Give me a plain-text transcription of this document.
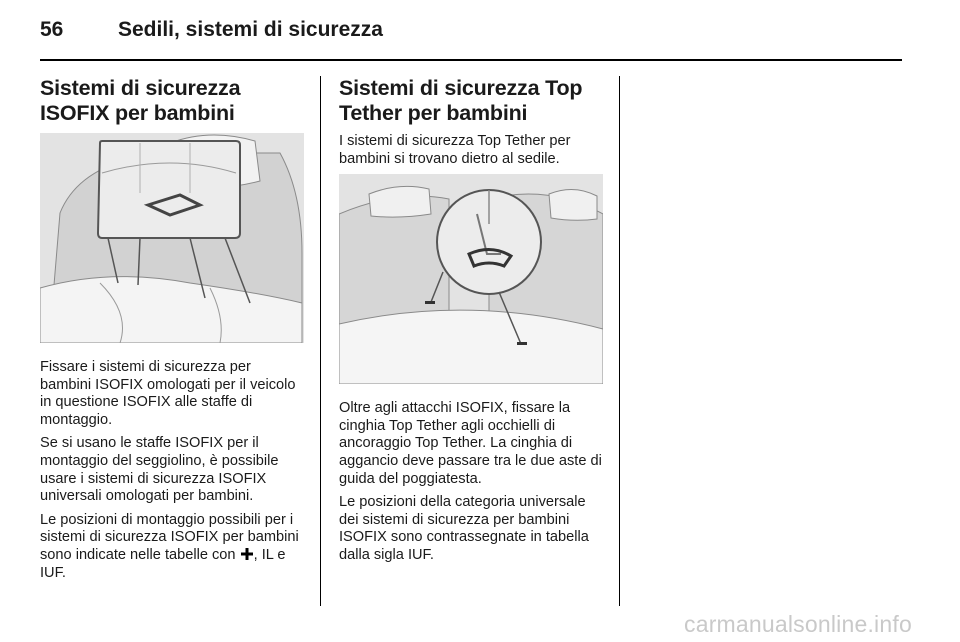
56	Sedili, sistemi di sicurezza
Sistemi di sicurezza
ISOFIX per bambini

Fissare i sistemi di sicurezza per bambini ISOFIX omologati per il veicolo in questione ISOFIX alle staffe di montaggio.

Se si usano le staffe ISOFIX per il montaggio del seggiolino, è possibile usare i sistemi di sicurezza ISOFIX universali omologati per bambini.

Le posizioni di montaggio possibili per i sistemi di sicurezza ISOFIX per bambini sono indicate nelle tabelle con , IL e IUF.

Sistemi di sicurezza Top
Tether per bambini

I sistemi di sicurezza Top Tether per bambini si trovano dietro al sedile.

Oltre agli attacchi ISOFIX, fissare la cinghia Top Tether agli occhielli di ancoraggio Top Tether. La cinghia di aggancio deve passare tra le due aste di guida del poggiatesta.

Le posizioni della categoria universale dei sistemi di sicurezza per bambini ISOFIX sono contrassegnate in tabella dalla sigla IUF.

carmanualsonline.info
